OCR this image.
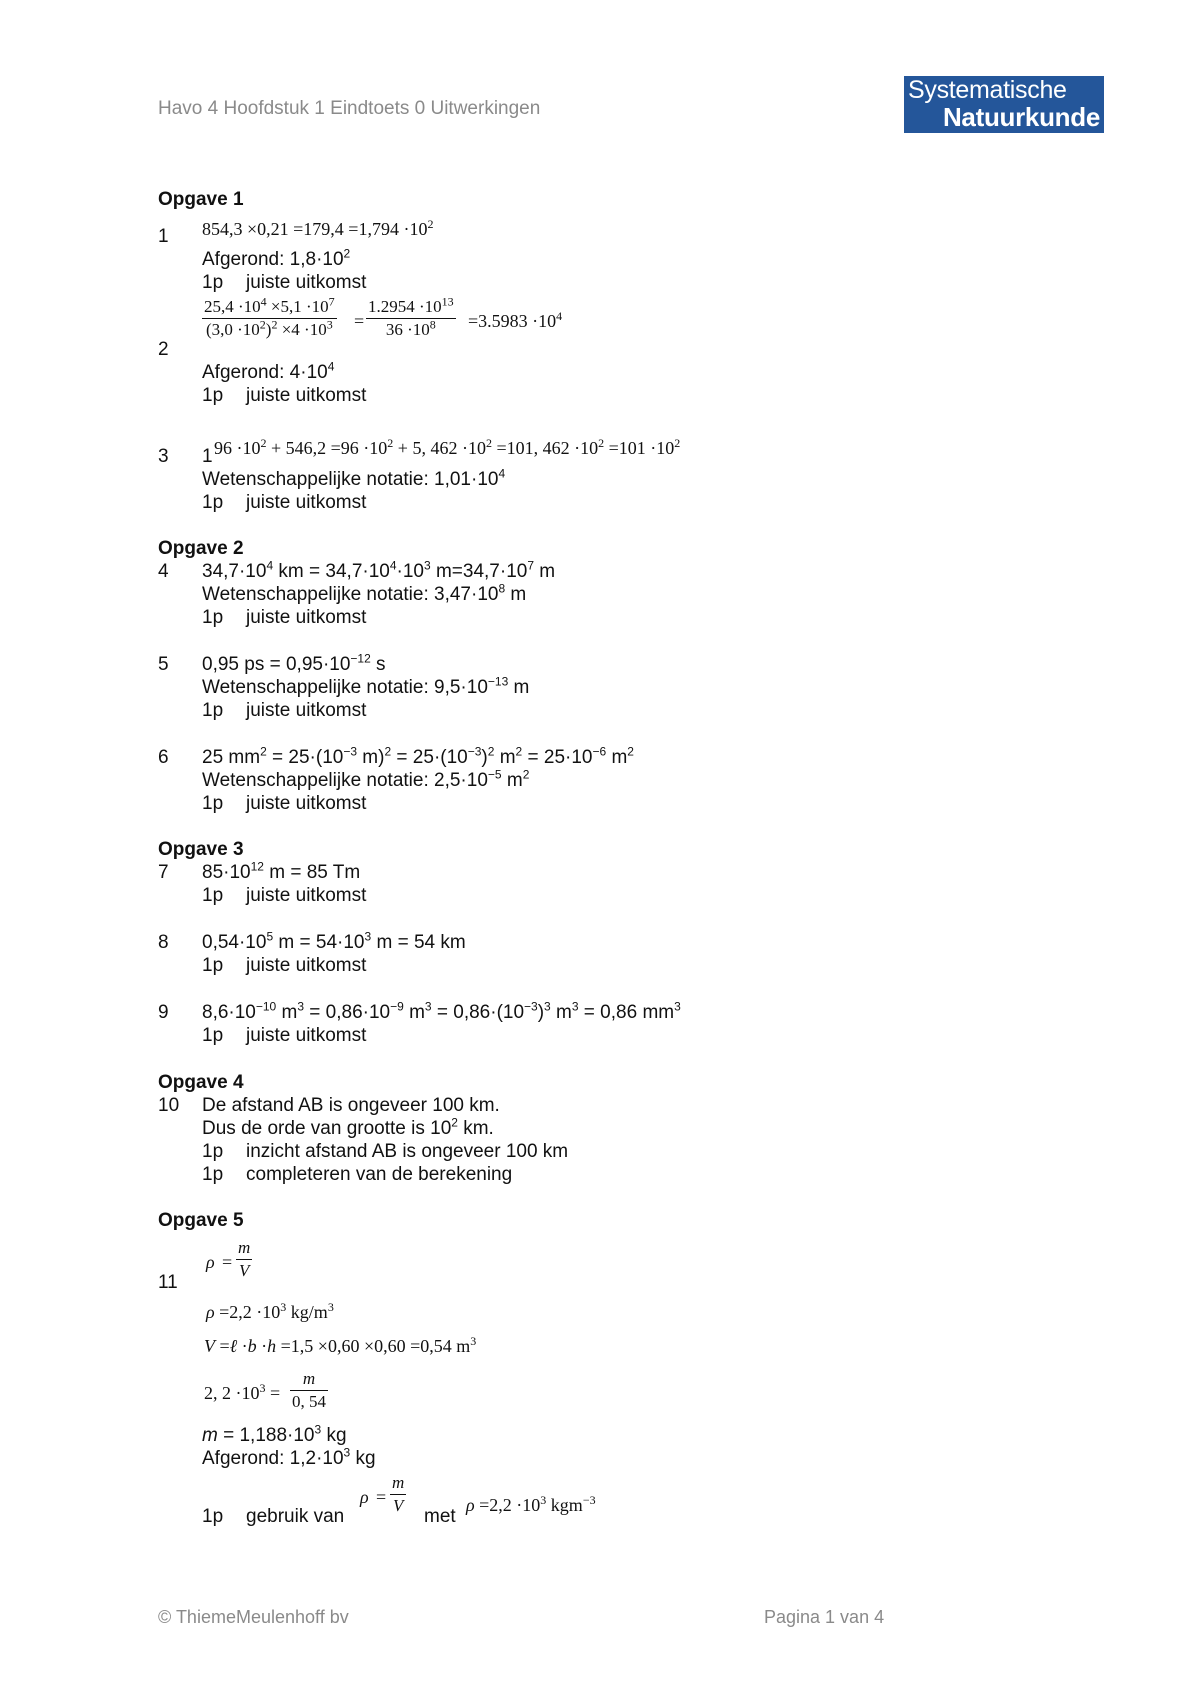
Havo 4 Hoofdstuk 1 Eindtoets 0 Uitwerkingen
Systematische
Natuurkunde
Opgave 1
1 $854,3 \times 0,21 =179,4 =1,794 \cdot 10^2$
Afgerond: $1,8\cdot 10^2$
1p juiste uitkomst
2
$\frac{25,4 \cdot 10^4 \times 5,1 \cdot 10^7}{(3,0 \cdot 10^2)^2 \times 4 \cdot 10^3} = \frac{1.2954 \cdot 10^{13}}{36 \cdot 10^8} =3.5983 \cdot 10^4$
Afgerond: $4\cdot 10^4$
1p juiste uitkomst
3 1 $96 \cdot 10^2 + 546,2 =96 \cdot 10^2 + 5$, $462 \cdot 10^2 =101$, $462 \cdot 10^2 =101 \cdot 10^2$
Wetenschappelijke notatie: $1,01\cdot 10^4$
1p juiste uitkomst
Opgave 2
4 $34,7\cdot 10^4$ km = $34,7\cdot 10^4\cdot 10^3$ $m=34,7\cdot 10^7$ m
Wetenschappelijke notatie: $3,47\cdot 10^8$ m
1p juiste uitkomst
5 0,95 ps = $0,95\cdot 10^{-12}$ s
Wetenschappelijke notatie: $9,5\cdot 10^{-13}$ m
1p juiste uitkomst
6 25 $mm^2 = 25\cdot(10^{-3}$ $m)^2 = 25\cdot(10^{-3})^2$ $m^2 = 25\cdot 10^{-6}$ $m^2$
Wetenschappelijke notatie: $2,5\cdot 10^{-5}$ $m^2$
1p juiste uitkomst
Opgave 3
7 $85\cdot 10^{12}$ m = 85 Tm
1p juiste uitkomst
8 $0,54\cdot 10^5$ $m = 54\cdot 10^3$ m = 54 km
1p juiste uitkomst
9 $8,6\cdot 10^{-10}$ $m^3 = 0,86\cdot 10^{-9}$ $m^3 = 0,86\cdot(10^{-3})^3$ $m^3 = 0,86$ $mm^3$
1p juiste uitkomst
Opgave 4
10 De afstand AB is ongeveer 100 km.
Dus de orde van grootte is $10^2$ km.
1p inzicht afstand AB is ongeveer 100 km
1p completeren van de berekening
Opgave 5
11
$\rho = \frac{m}{V}$
$\rho =2,2 \cdot 10^3$ $kg/m^3$
V =ℓ ·b ·h =1,5 ×0,60 ×0,60 =0,54 $m^3$
2, $2 \cdot 10^3 = \frac{m}{0, 54}$
$m = 1,188\cdot 10^3$ kg
Afgerond: $1,2\cdot 10^3$ kg
1p gebruik van
$\rho = \frac{m}{V}$
met
$\rho =2,2 \cdot 10^3$ kgm$^{-3}$
© ThiemeMeulenhoff bv	Pagina 1 van 4
